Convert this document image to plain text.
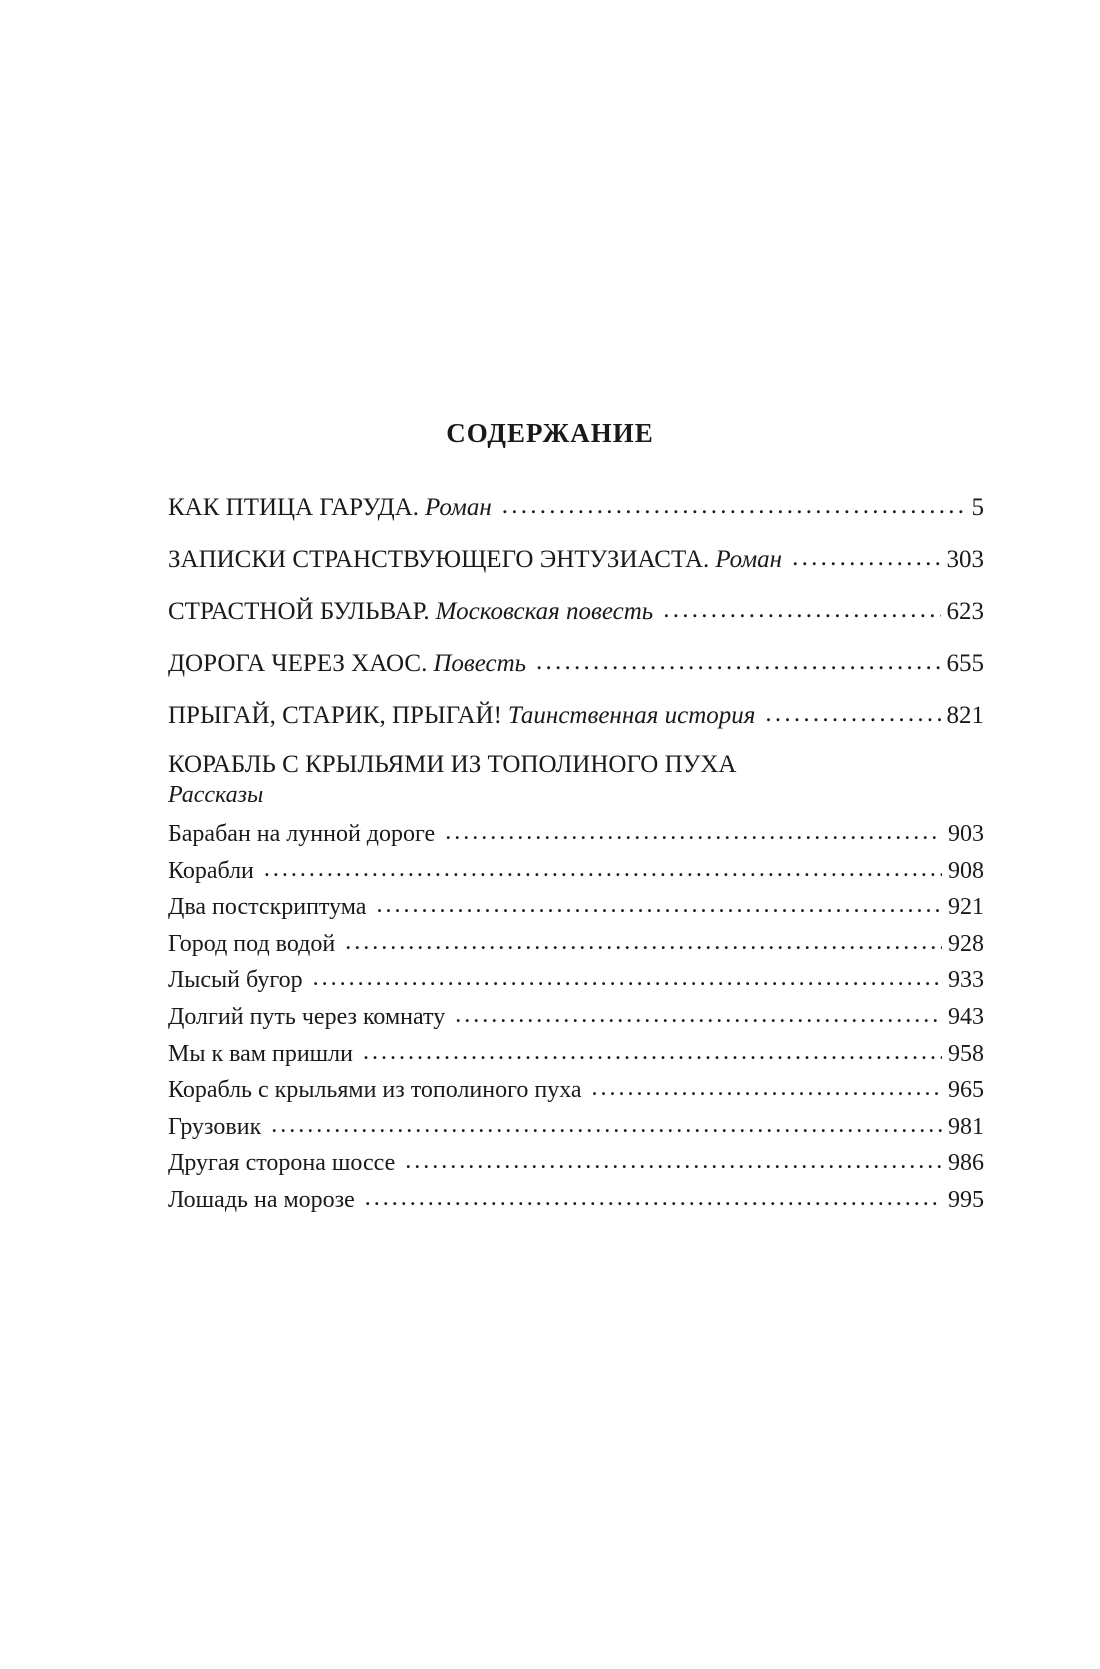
СОДЕРЖАНИЕ
КАК ПТИЦА ГАРУДА. Роман . . .	5
ЗАПИСКИ СТРАНСТВУЮЩЕГО ЭНТУЗИАСТА. Роман . . .	303
СТРАСТНОЙ БУЛЬВАР. Московская повесть . . .	623
ДОРОГА ЧЕРЕЗ ХАОС. Повесть . . .	655
ПРЫГАЙ, СТАРИК, ПРЫГАЙ! Таинственная история . . .	821
КОРАБЛЬ С КРЫЛЬЯМИ ИЗ ТОПОЛИНОГО ПУХА
Рассказы
Барабан на лунной дороге . . .	903
Корабли . . .	908
Два постскриптума . . .	921
Город под водой . . .	928
Лысый бугор . . .	933
Долгий путь через комнату . . .	943
Мы к вам пришли . . .	958
Корабль с крыльями из тополиного пуха . . .	965
Грузовик . . .	981
Другая сторона шоссе . . .	986
Лошадь на морозе . . .	995
